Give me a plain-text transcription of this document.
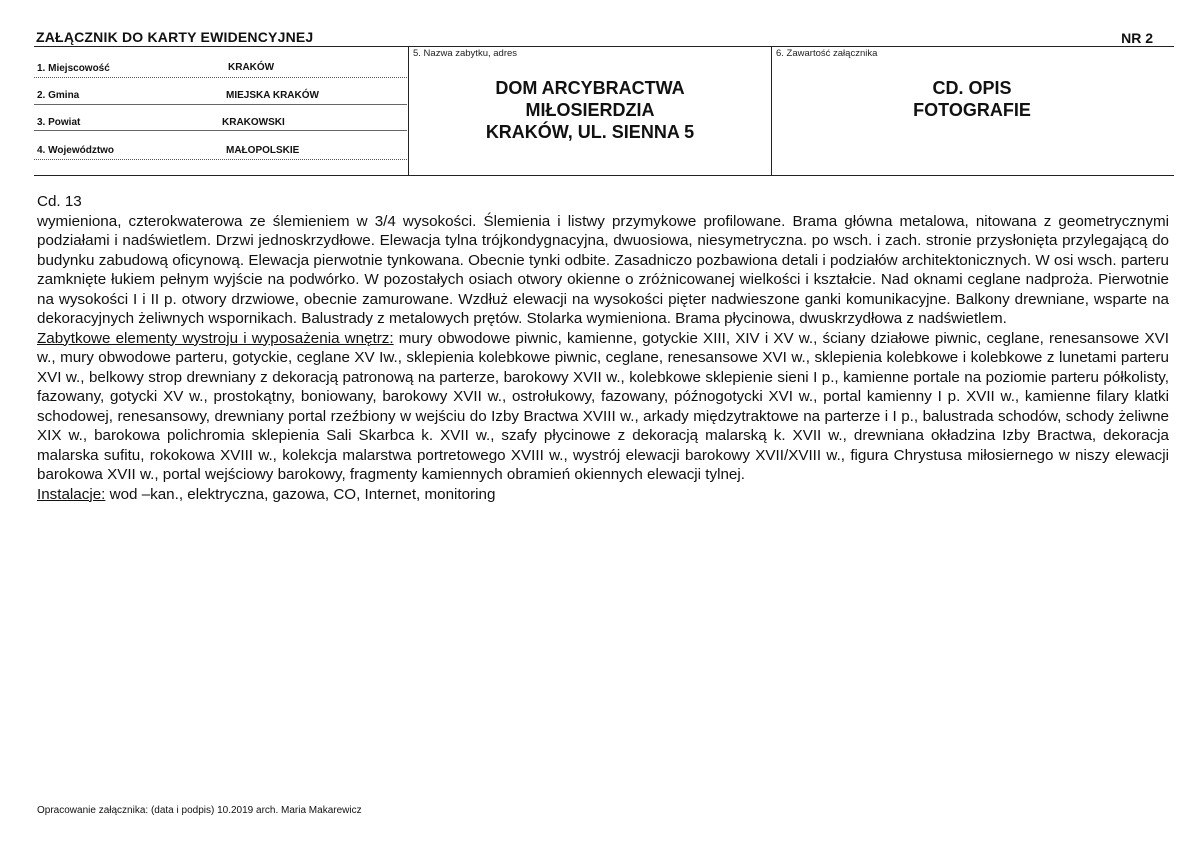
ZAŁĄCZNIK DO KARTY EWIDENCYJNEJ	NR 2
1. Miejscowość	KRAKÓW
2. Gmina	MIEJSKA KRAKÓW
3. Powiat	KRAKOWSKI
4. Województwo	MAŁOPOLSKIE
5. Nazwa zabytku, adres
DOM ARCYBRACTWA
MIŁOSIERDZIA
KRAKÓW, UL. SIENNA 5
6. Zawartość załącznika
CD. OPIS
FOTOGRAFIE

Cd. 13

wymieniona, czterokwaterowa ze ślemieniem w 3/4 wysokości. Ślemienia i listwy przymykowe profilowane. Brama główna metalowa, nitowana z geometrycznymi podziałami i nadświetlem. Drzwi jednoskrzydłowe. Elewacja tylna trójkondygnacyjna, dwuosiowa, niesymetryczna. po wsch. i zach. stronie przysłonięta przylegającą do budynku zabudową oficynową. Elewacja pierwotnie tynkowana. Obecnie tynki odbite. Zasadniczo pozbawiona detali i podziałów architektonicznych. W osi wsch. parteru zamknięte łukiem pełnym wyjście na podwórko. W pozostałych osiach otwory okienne o zróżnicowanej wielkości i kształcie. Nad oknami ceglane nadproża. Pierwotnie na wysokości I i II p. otwory drzwiowe, obecnie zamurowane. Wzdłuż elewacji na wysokości pięter nadwieszone ganki komunikacyjne. Balkony drewniane, wsparte na dekoracyjnych żeliwnych wspornikach. Balustrady z metalowych prętów. Stolarka wymieniona. Brama płycinowa, dwuskrzydłowa z nadświetlem.

Zabytkowe elementy wystroju i wyposażenia wnętrz: mury obwodowe piwnic, kamienne, gotyckie XIII, XIV i XV w., ściany działowe piwnic, ceglane, renesansowe XVI w., mury obwodowe parteru, gotyckie, ceglane XV Iw., sklepienia kolebkowe piwnic, ceglane, renesansowe XVI w., sklepienia kolebkowe i kolebkowe z lunetami parteru XVI w., belkowy strop drewniany z dekoracją patronową na parterze, barokowy XVII w., kolebkowe sklepienie sieni I p., kamienne portale na poziomie parteru półkolisty, fazowany, gotycki XV w., prostokątny, boniowany, barokowy XVII w., ostrołukowy, fazowany, późnogotycki XVI w., portal kamienny I p. XVII w., kamienne filary klatki schodowej, renesansowy, drewniany portal rzeźbiony w wejściu do Izby Bractwa XVIII w., arkady międzytraktowe na parterze i I p., balustrada schodów, schody żeliwne XIX w., barokowa polichromia sklepienia Sali Skarbca k. XVII w., szafy płycinowe z dekoracją malarską k. XVII w., drewniana okładzina Izby Bractwa, dekoracja malarska sufitu, rokokowa XVIII w., kolekcja malarstwa portretowego XVIII w., wystrój elewacji barokowy XVII/XVIII w., figura Chrystusa miłosiernego w niszy elewacji barokowa XVII w., portal wejściowy barokowy, fragmenty kamiennych obramień okiennych elewacji tylnej.

Instalacje: wod –kan., elektryczna, gazowa, CO, Internet, monitoring

Opracowanie załącznika: (data i podpis) 10.2019 arch. Maria Makarewicz
